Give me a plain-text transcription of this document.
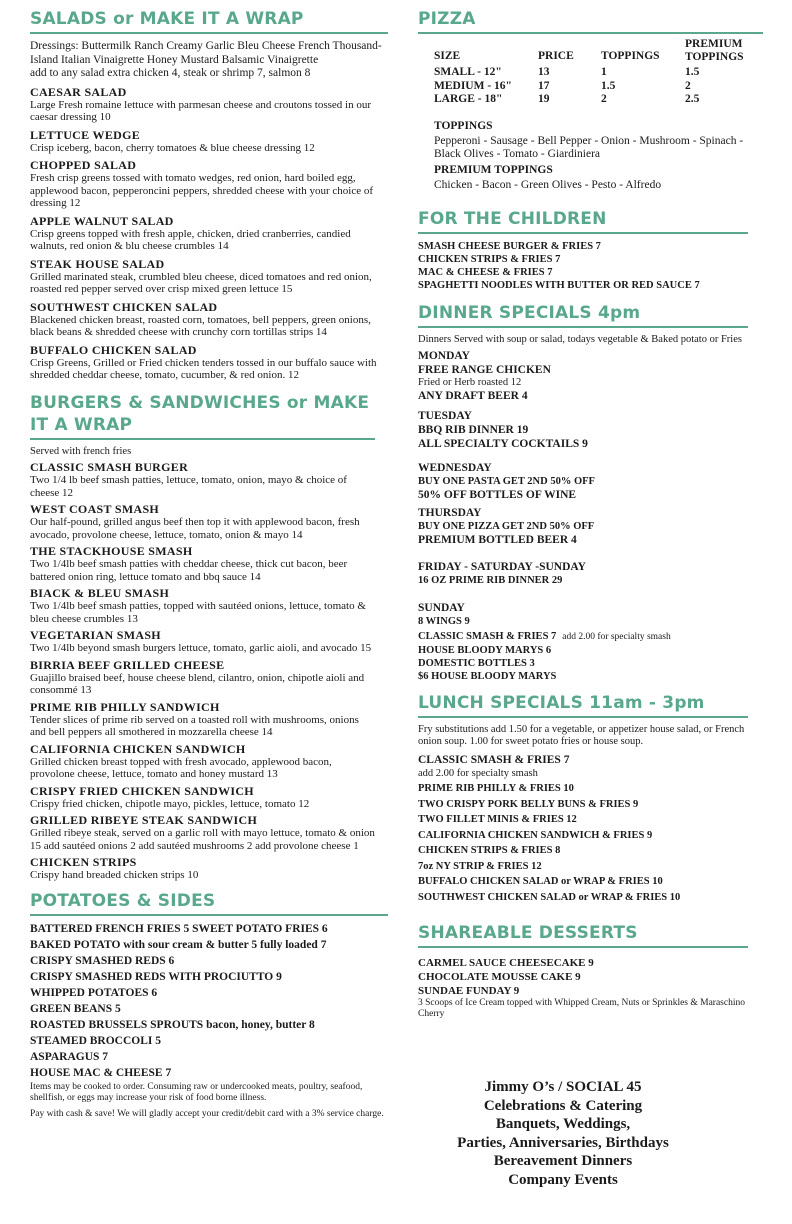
SALADS or MAKE IT A WRAP
Dressings: Buttermilk Ranch Creamy Garlic Bleu Cheese French Thousand-Island Italian Vinaigrette Honey Mustard Balsamic Vinaigrette
add to any salad extra chicken 4, steak or shrimp 7, salmon 8
CAESAR SALAD
Large Fresh romaine lettuce with parmesan cheese and croutons tossed in our caesar dressing 10
LETTUCE WEDGE
Crisp iceberg, bacon, cherry tomatoes & blue cheese dressing 12
CHOPPED SALAD
Fresh crisp greens tossed with tomato wedges, red onion, hard boiled egg, applewood bacon, pepperoncini peppers, shredded cheese with your choice of dressing 12
APPLE WALNUT SALAD
Crisp greens topped with fresh apple, chicken, dried cranberries, candied walnuts, red onion & blu cheese crumbles 14
STEAK HOUSE SALAD
Grilled marinated steak, crumbled bleu cheese, diced tomatoes and red onion, roasted red pepper served over crisp mixed green lettuce 15
SOUTHWEST CHICKEN SALAD
Blackened chicken breast, roasted corn, tomatoes, bell peppers, green onions, black beans & shredded cheese with crunchy corn tortillas strips 14
BUFFALO CHICKEN SALAD
Crisp Greens, Grilled or Fried chicken tenders tossed in our buffalo sauce with shredded cheddar cheese, tomato, cucumber, & red onion. 12
BURGERS & SANDWICHES or MAKE
IT A WRAP
Served with french fries
CLASSIC SMASH BURGER
Two 1/4 lb beef smash patties, lettuce, tomato, onion, mayo & choice of cheese 12
WEST COAST SMASH
Our half-pound, grilled angus beef then top it with applewood bacon, fresh avocado, provolone cheese, lettuce, tomato, onion & mayo 14
THE STACKHOUSE SMASH
Two 1/4lb beef smash patties with cheddar cheese, thick cut bacon, beer battered onion ring, lettuce tomato and bbq sauce 14
BIACK & BLEU SMASH
Two 1/4lb beef smash patties, topped with sautéed onions, lettuce, tomato & bleu cheese crumbles 13
VEGETARIAN SMASH
Two 1/4lb beyond smash burgers lettuce, tomato, garlic aioli, and avocado 15
BIRRIA BEEF GRILLED CHEESE
Guajillo braised beef, house cheese blend, cilantro, onion, chipotle aioli and consommé 13
PRIME RIB PHILLY SANDWICH
Tender slices of prime rib served on a toasted roll with mushrooms, onions and bell peppers all smothered in mozzarella cheese 14
CALIFORNIA CHICKEN SANDWICH
Grilled chicken breast topped with fresh avocado, applewood bacon, provolone cheese, lettuce, tomato and honey mustard 13
CRISPY FRIED CHICKEN SANDWICH
Crispy fried chicken, chipotle mayo, pickles, lettuce, tomato 12
GRILLED RIBEYE STEAK SANDWICH
Grilled ribeye steak, served on a garlic roll with mayo lettuce, tomato & onion 15 add sautéed onions 2 add sautéed mushrooms 2 add provolone cheese 1
CHICKEN STRIPS
Crispy hand breaded chicken strips 10
POTATOES & SIDES
BATTERED FRENCH FRIES 5 SWEET POTATO FRIES 6
BAKED POTATO with sour cream & butter 5 fully loaded 7
CRISPY SMASHED REDS 6
CRISPY SMASHED REDS WITH PROCIUTTO 9
WHIPPED POTATOES 6
GREEN BEANS 5
ROASTED BRUSSELS SPROUTS bacon, honey, butter 8
STEAMED BROCCOLI 5
ASPARAGUS 7
HOUSE MAC & CHEESE 7
Items may be cooked to order. Consuming raw or undercooked meats, poultry, seafood, shellfish, or eggs may increase your risk of food borne illness.
Pay with cash & save! We will gladly accept your credit/debit card with a 3% service charge.
PIZZA
SIZE	PRICE	TOPPINGS	PREMIUM TOPPINGS

SMALL - 12"	13	1	1.5
MEDIUM - 16"	17	1.5	2
LARGE - 18"	19	2	2.5
TOPPINGS
Pepperoni - Sausage - Bell Pepper - Onion - Mushroom - Spinach - Black Olives - Tomato - Giardiniera
PREMIUM TOPPINGS
Chicken - Bacon - Green Olives - Pesto - Alfredo
FOR THE CHILDREN
SMASH CHEESE BURGER & FRIES 7
CHICKEN STRIPS & FRIES 7
MAC & CHEESE & FRIES 7
SPAGHETTI NOODLES WITH BUTTER OR RED SAUCE 7
DINNER SPECIALS 4pm
Dinners Served with soup or salad, todays vegetable & Baked potato or Fries
MONDAY
FREE RANGE CHICKEN
Fried or Herb roasted 12
ANY DRAFT BEER 4
TUESDAY
BBQ RIB DINNER 19
ALL SPECIALTY COCKTAILS 9
WEDNESDAY
BUY ONE PASTA GET 2ND 50% OFF
50% OFF BOTTLES OF WINE
THURSDAY
BUY ONE PIZZA GET 2ND 50% OFF
PREMIUM BOTTLED BEER 4
FRIDAY - SATURDAY -SUNDAY
16 OZ PRIME RIB DINNER 29
SUNDAY
8 WINGS 9
CLASSIC SMASH & FRIES 7 add 2.00 for specialty smash
HOUSE BLOODY MARYS 6
DOMESTIC BOTTLES 3
$6 HOUSE BLOODY MARYS
LUNCH SPECIALS 11am - 3pm
Fry substitutions add 1.50 for a vegetable, or appetizer house salad, or French onion soup. 1.00 for sweet potato fries or house soup.
CLASSIC SMASH & FRIES 7
add 2.00 for specialty smash
PRIME RIB PHILLY & FRIES 10
TWO CRISPY PORK BELLY BUNS & FRIES 9
TWO FILLET MINIS & FRIES 12
CALIFORNIA CHICKEN SANDWICH & FRIES 9
CHICKEN STRIPS & FRIES 8
7oz NY STRIP & FRIES 12
BUFFALO CHICKEN SALAD or WRAP & FRIES 10
SOUTHWEST CHICKEN SALAD or WRAP & FRIES 10
SHAREABLE DESSERTS
CARMEL SAUCE CHEESECAKE 9
CHOCOLATE MOUSSE CAKE 9
SUNDAE FUNDAY 9
3 Scoops of Ice Cream topped with Whipped Cream, Nuts or Sprinkles & Maraschino Cherry
Jimmy O’s / SOCIAL 45
Celebrations & Catering
Banquets, Weddings,
Parties, Anniversaries, Birthdays
Bereavement Dinners
Company Events
